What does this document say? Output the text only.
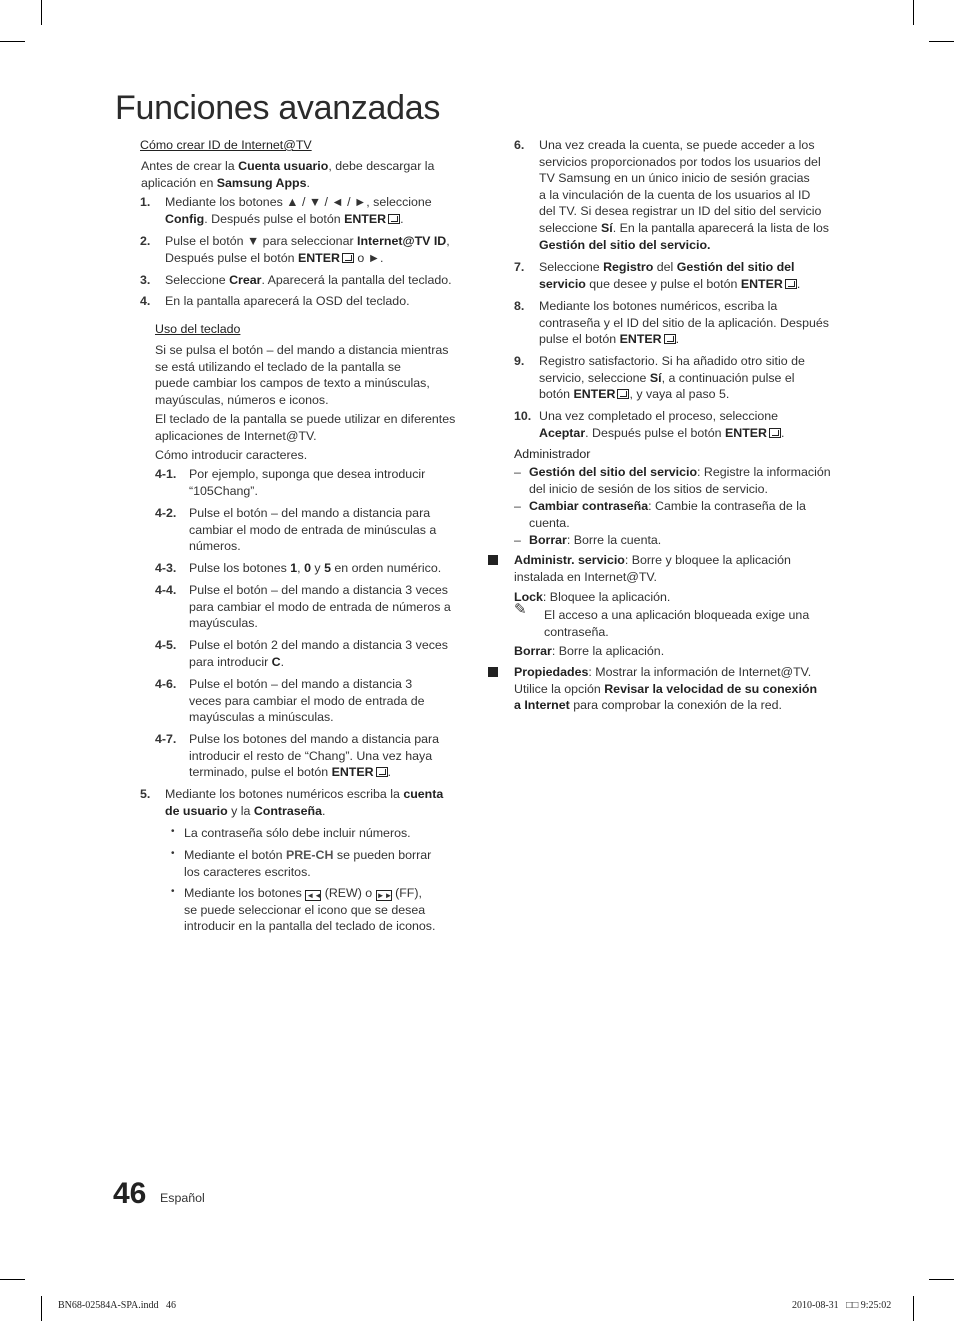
Funciones avanzadas
Cómo crear ID de Internet@TV
Antes de crear la Cuenta usuario, debe descargar la
aplicación en Samsung Apps.
1. Mediante los botones ▲ / ▼ / ◄ / ►, seleccione
Config. Después pulse el botón ENTER .
2. Pulse el botón ▼ para seleccionar Internet@TV ID,
Después pulse el botón ENTER o ►.
3. Seleccione Crear. Aparecerá la pantalla del teclado.
4. En la pantalla aparecerá la OSD del teclado.
Uso del teclado
Si se pulsa el botón – del mando a distancia mientras
se está utilizando el teclado de la pantalla se
puede cambiar los campos de texto a minúsculas,
mayúsculas, números e iconos.
El teclado de la pantalla se puede utilizar en diferentes
aplicaciones de Internet@TV.
Cómo introducir caracteres.
4-1. Por ejemplo, suponga que desea introducir
“105Chang”.
4-2. Pulse el botón – del mando a distancia para
cambiar el modo de entrada de minúsculas a
números.
4-3. Pulse los botones 1, 0 y 5 en orden numérico.
4-4. Pulse el botón – del mando a distancia 3 veces
para cambiar el modo de entrada de números a
mayúsculas.
4-5. Pulse el botón 2 del mando a distancia 3 veces
para introducir C.
4-6. Pulse el botón – del mando a distancia 3
veces para cambiar el modo de entrada de
mayúsculas a minúsculas.
4-7. Pulse los botones del mando a distancia para
introducir el resto de “Chang”. Una vez haya
terminado, pulse el botón ENTER .
5. Mediante los botones numéricos escriba la cuenta
de usuario y la Contraseña.
• La contraseña sólo debe incluir números.
• Mediante el botón PRE-CH se pueden borrar
los caracteres escritos.
• Mediante los botones ◄◄ (REW) o ►► (FF),
se puede seleccionar el icono que se desea
introducir en la pantalla del teclado de iconos.
6. Una vez creada la cuenta, se puede acceder a los
servicios proporcionados por todos los usuarios del
TV Samsung en un único inicio de sesión gracias
a la vinculación de la cuenta de los usuarios al ID
del TV. Si desea registrar un ID del sitio del servicio
seleccione Sí. En la pantalla aparecerá la lista de los
Gestión del sitio del servicio.
7. Seleccione Registro del Gestión del sitio del
servicio que desee y pulse el botón ENTER .
8. Mediante los botones numéricos, escriba la
contraseña y el ID del sitio de la aplicación. Después
pulse el botón ENTER .
9. Registro satisfactorio. Si ha añadido otro sitio de
servicio, seleccione Sí, a continuación pulse el
botón ENTER , y vaya al paso 5.
10. Una vez completado el proceso, seleccione
Aceptar. Después pulse el botón ENTER .
Administrador
– Gestión del sitio del servicio: Registre la información
del inicio de sesión de los sitios de servicio.
– Cambiar contraseña: Cambie la contraseña de la
cuenta.
– Borrar: Borre la cuenta.
Administr. servicio: Borre y bloquee la aplicación
instalada en Internet@TV.
Lock: Bloquee la aplicación.
✎ El acceso a una aplicación bloqueada exige una
contraseña.
Borrar: Borre la aplicación.
Propiedades: Mostrar la información de Internet@TV.
Utilice la opción Revisar la velocidad de su conexión
a Internet para comprobar la conexión de la red.
46 Español
BN68-02584A-SPA.indd   46	2010-08-31   □□ 9:25:02
